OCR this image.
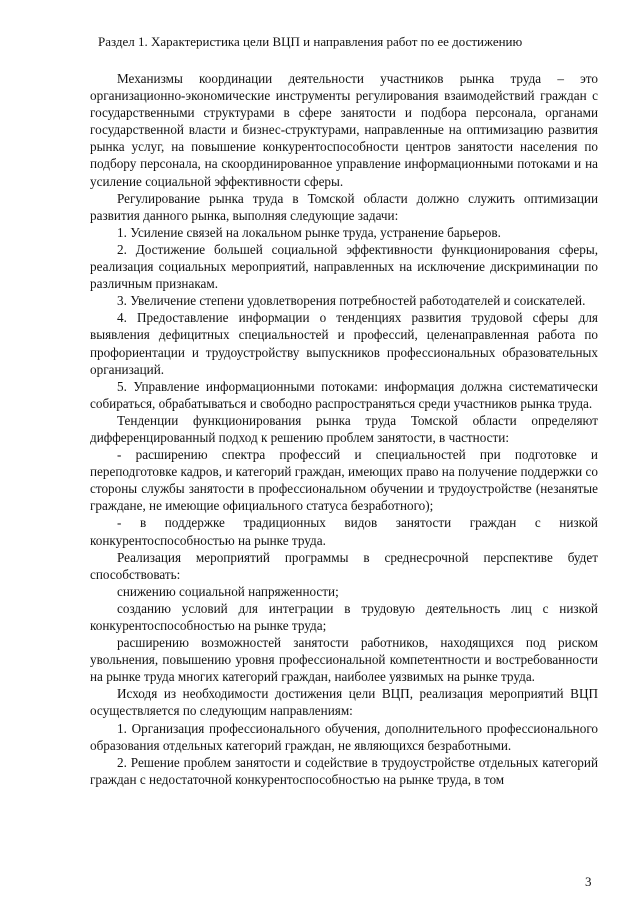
Раздел 1. Характеристика цели ВЦП и направления работ по ее достижению

Механизмы координации деятельности участников рынка труда – это организационно-экономические инструменты регулирования взаимодействий граждан с государственными структурами в сфере занятости и подбора персонала, органами государственной власти и бизнес-структурами, направленные на оптимизацию развития рынка услуг, на повышение конкурентоспособности центров занятости населения по подбору персонала, на скоординированное управление информационными потоками и на усиление социальной эффективности сферы.

Регулирование рынка труда в Томской области должно служить оптимизации развития данного рынка, выполняя следующие задачи:

1. Усиление связей на локальном рынке труда, устранение барьеров.

2. Достижение большей социальной эффективности функционирования сферы, реализация социальных мероприятий, направленных на исключение дискриминации по различным признакам.

3. Увеличение степени удовлетворения потребностей работодателей и соискателей.

4. Предоставление информации о тенденциях развития трудовой сферы для выявления дефицитных специальностей и профессий, целенаправленная работа по профориентации и трудоустройству выпускников профессиональных образовательных организаций.

5. Управление информационными потоками: информация должна систематически собираться, обрабатываться и свободно распространяться среди участников рынка труда.

Тенденции функционирования рынка труда Томской области определяют дифференцированный подход к решению проблем занятости, в частности:

- расширению спектра профессий и специальностей при подготовке и переподготовке кадров, и категорий граждан, имеющих право на получение поддержки со стороны службы занятости в профессиональном обучении и трудоустройстве (незанятые граждане, не имеющие официального статуса безработного);

- в поддержке традиционных видов занятости граждан с низкой конкурентоспособностью на рынке труда.

Реализация мероприятий программы в среднесрочной перспективе будет способствовать:

снижению социальной напряженности;

созданию условий для интеграции в трудовую деятельность лиц с низкой конкурентоспособностью на рынке труда;

расширению возможностей занятости работников, находящихся под риском увольнения, повышению уровня профессиональной компетентности и востребованности на рынке труда многих категорий граждан, наиболее уязвимых на рынке труда.

Исходя из необходимости достижения цели ВЦП, реализация мероприятий ВЦП осуществляется по следующим направлениям:

1. Организация профессионального обучения, дополнительного профессионального образования отдельных категорий граждан, не являющихся безработными.

2. Решение проблем занятости и содействие в трудоустройстве отдельных категорий граждан с недостаточной конкурентоспособностью на рынке труда, в том

3
